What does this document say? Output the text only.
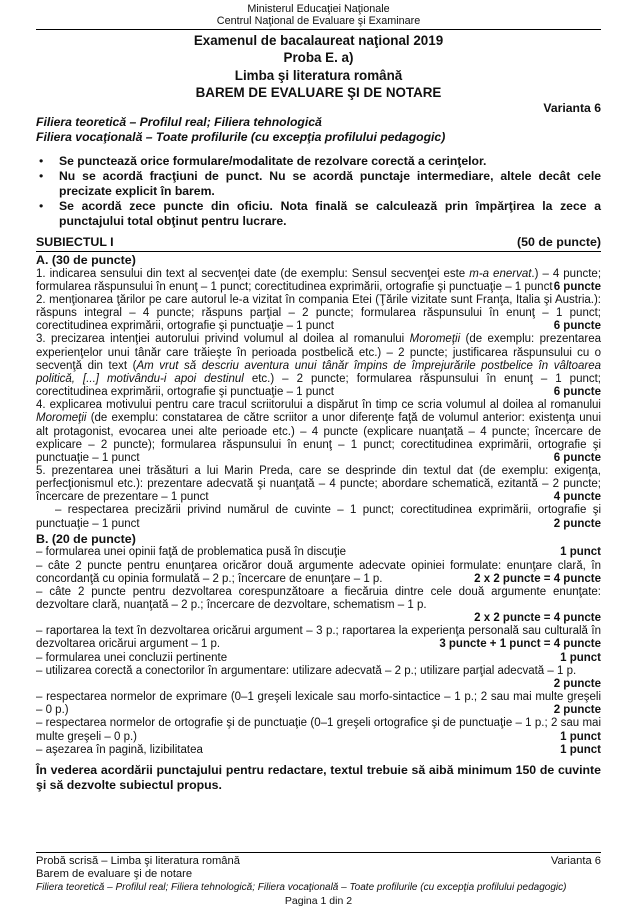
Ministerul Educaţiei Naţionale
Centrul Naţional de Evaluare şi Examinare
Examenul de bacalaureat naţional 2019
Proba E. a)
Limba şi literatura română
BAREM DE EVALUARE ŞI DE NOTARE
Varianta 6
Filiera teoretică – Profilul real; Filiera tehnologică
Filiera vocaţională – Toate profilurile (cu excepţia profilului pedagogic)
•	Se punctează orice formulare/modalitate de rezolvare corectă a cerinţelor.
•	Nu se acordă fracţiuni de punct. Nu se acordă punctaje intermediare, altele decât cele precizate explicit în barem.
•	Se acordă zece puncte din oficiu. Nota finală se calculează prin împărţirea la zece a punctajului total obţinut pentru lucrare.
SUBIECTUL I	(50 de puncte)
A. (30 de puncte)
1. indicarea sensului din text al secvenţei date (de exemplu: Sensul secvenţei este m-a enervat.) – 4 puncte; formularea răspunsului în enunţ – 1 punct; corectitudinea exprimării, ortografie şi punctuaţie – 1 punct 6 puncte
2. menţionarea ţărilor pe care autorul le-a vizitat în compania Etei (Ţările vizitate sunt Franţa, Italia şi Austria.): răspuns integral – 4 puncte; răspuns parţial – 2 puncte; formularea răspunsului în enunţ – 1 punct; corectitudinea exprimării, ortografie şi punctuaţie – 1 punct	6 puncte
3. precizarea intenţiei autorului privind volumul al doilea al romanului Moromeţii (de exemplu: prezentarea experienţelor unui tânăr care trăieşte în perioada postbelică etc.) – 2 puncte; justificarea răspunsului cu o secvenţă din text (Am vrut să descriu aventura unui tânăr împins de împrejurările postbelice în vâltoarea politică, [...] motivându-i apoi destinul etc.) – 2 puncte; formularea răspunsului în enunţ – 1 punct; corectitudinea exprimării, ortografie şi punctuaţie – 1 punct	6 puncte
4. explicarea motivului pentru care tracul scriitorului a dispărut în timp ce scria volumul al doilea al romanului Moromeţii (de exemplu: constatarea de către scriitor a unor diferenţe faţă de volumul anterior: existenţa unui alt protagonist, evocarea unei alte perioade etc.) – 4 puncte (explicare nuanţată – 4 puncte; încercare de explicare – 2 puncte); formularea răspunsului în enunţ – 1 punct; corectitudinea exprimării, ortografie şi punctuaţie – 1 punct	6 puncte
5. prezentarea unei trăsături a lui Marin Preda, care se desprinde din textul dat (de exemplu: exigenţa, perfecţionismul etc.): prezentare adecvată şi nuanţată – 4 puncte; abordare schematică, ezitantă – 2 puncte; încercare de prezentare – 1 punct	4 puncte
– respectarea precizării privind numărul de cuvinte – 1 punct; corectitudinea exprimării, ortografie şi punctuaţie – 1 punct	2 puncte
B. (20 de puncte)
– formularea unei opinii faţă de problematica pusă în discuţie	1 punct
– câte 2 puncte pentru enunţarea oricăror două argumente adecvate opiniei formulate: enunţare clară, în concordanţă cu opinia formulată – 2 p.; încercare de enunţare – 1 p.	2 x 2 puncte = 4 puncte
– câte 2 puncte pentru dezvoltarea corespunzătoare a fiecăruia dintre cele două argumente enunţate: dezvoltare clară, nuanţată – 2 p.; încercare de dezvoltare, schematism – 1 p.
2 x 2 puncte = 4 puncte
– raportarea la text în dezvoltarea oricărui argument – 3 p.; raportarea la experienţa personală sau culturală în dezvoltarea oricărui argument – 1 p.	3 puncte + 1 punct = 4 puncte
– formularea unei concluzii pertinente	1 punct
– utilizarea corectă a conectorilor în argumentare: utilizare adecvată – 2 p.; utilizare parţial adecvată – 1 p.
2 puncte
– respectarea normelor de exprimare (0–1 greşeli lexicale sau morfo-sintactice – 1 p.; 2 sau mai multe greşeli – 0 p.)	2 puncte
– respectarea normelor de ortografie şi de punctuaţie (0–1 greşeli ortografice şi de punctuaţie – 1 p.; 2 sau mai multe greşeli – 0 p.)	1 punct
– aşezarea în pagină, lizibilitatea	1 punct
În vederea acordării punctajului pentru redactare, textul trebuie să aibă minimum 150 de cuvinte şi să dezvolte subiectul propus.
Probă scrisă – Limba şi literatura română	Varianta 6
Barem de evaluare şi de notare
Filiera teoretică – Profilul real; Filiera tehnologică; Filiera vocaţională – Toate profilurile (cu excepţia profilului pedagogic)
Pagina 1 din 2
